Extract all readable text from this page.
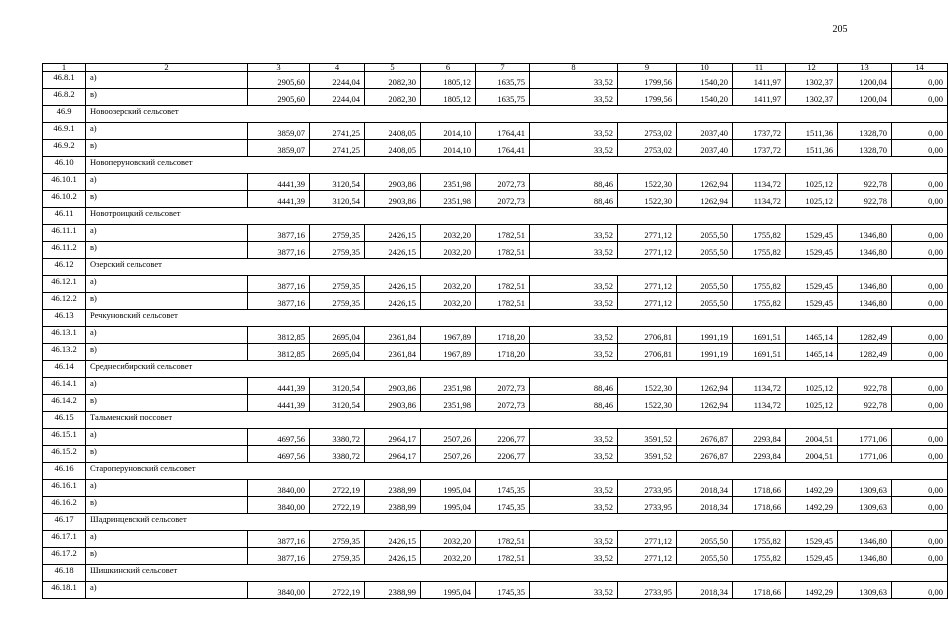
205
1	2	3	4	5	6	7	8	9	10	11	12	13	14
46.8.1	а)	2905,60	2244,04	2082,30	1805,12	1635,75	33,52	1799,56	1540,20	1411,97	1302,37	1200,04	0,00
46.8.2	в)	2905,60	2244,04	2082,30	1805,12	1635,75	33,52	1799,56	1540,20	1411,97	1302,37	1200,04	0,00
46.9	Новоозерский сельсовет												
46.9.1	а)	3859,07	2741,25	2408,05	2014,10	1764,41	33,52	2753,02	2037,40	1737,72	1511,36	1328,70	0,00
46.9.2	в)	3859,07	2741,25	2408,05	2014,10	1764,41	33,52	2753,02	2037,40	1737,72	1511,36	1328,70	0,00
46.10	Новоперуновский сельсовет												
46.10.1	а)	4441,39	3120,54	2903,86	2351,98	2072,73	88,46	1522,30	1262,94	1134,72	1025,12	922,78	0,00
46.10.2	в)	4441,39	3120,54	2903,86	2351,98	2072,73	88,46	1522,30	1262,94	1134,72	1025,12	922,78	0,00
46.11	Новотроицкий сельсовет												
46.11.1	а)	3877,16	2759,35	2426,15	2032,20	1782,51	33,52	2771,12	2055,50	1755,82	1529,45	1346,80	0,00
46.11.2	в)	3877,16	2759,35	2426,15	2032,20	1782,51	33,52	2771,12	2055,50	1755,82	1529,45	1346,80	0,00
46.12	Озерский сельсовет												
46.12.1	а)	3877,16	2759,35	2426,15	2032,20	1782,51	33,52	2771,12	2055,50	1755,82	1529,45	1346,80	0,00
46.12.2	в)	3877,16	2759,35	2426,15	2032,20	1782,51	33,52	2771,12	2055,50	1755,82	1529,45	1346,80	0,00
46.13	Речкуновский сельсовет												
46.13.1	а)	3812,85	2695,04	2361,84	1967,89	1718,20	33,52	2706,81	1991,19	1691,51	1465,14	1282,49	0,00
46.13.2	в)	3812,85	2695,04	2361,84	1967,89	1718,20	33,52	2706,81	1991,19	1691,51	1465,14	1282,49	0,00
46.14	Среднесибирский сельсовет												
46.14.1	а)	4441,39	3120,54	2903,86	2351,98	2072,73	88,46	1522,30	1262,94	1134,72	1025,12	922,78	0,00
46.14.2	в)	4441,39	3120,54	2903,86	2351,98	2072,73	88,46	1522,30	1262,94	1134,72	1025,12	922,78	0,00
46.15	Тальменский поссовет												
46.15.1	а)	4697,56	3380,72	2964,17	2507,26	2206,77	33,52	3591,52	2676,87	2293,84	2004,51	1771,06	0,00
46.15.2	в)	4697,56	3380,72	2964,17	2507,26	2206,77	33,52	3591,52	2676,87	2293,84	2004,51	1771,06	0,00
46.16	Староперуновский сельсовет												
46.16.1	а)	3840,00	2722,19	2388,99	1995,04	1745,35	33,52	2733,95	2018,34	1718,66	1492,29	1309,63	0,00
46.16.2	в)	3840,00	2722,19	2388,99	1995,04	1745,35	33,52	2733,95	2018,34	1718,66	1492,29	1309,63	0,00
46.17	Шадринцевский сельсовет												
46.17.1	а)	3877,16	2759,35	2426,15	2032,20	1782,51	33,52	2771,12	2055,50	1755,82	1529,45	1346,80	0,00
46.17.2	в)	3877,16	2759,35	2426,15	2032,20	1782,51	33,52	2771,12	2055,50	1755,82	1529,45	1346,80	0,00
46.18	Шишкинский сельсовет												
46.18.1	а)	3840,00	2722,19	2388,99	1995,04	1745,35	33,52	2733,95	2018,34	1718,66	1492,29	1309,63	0,00
